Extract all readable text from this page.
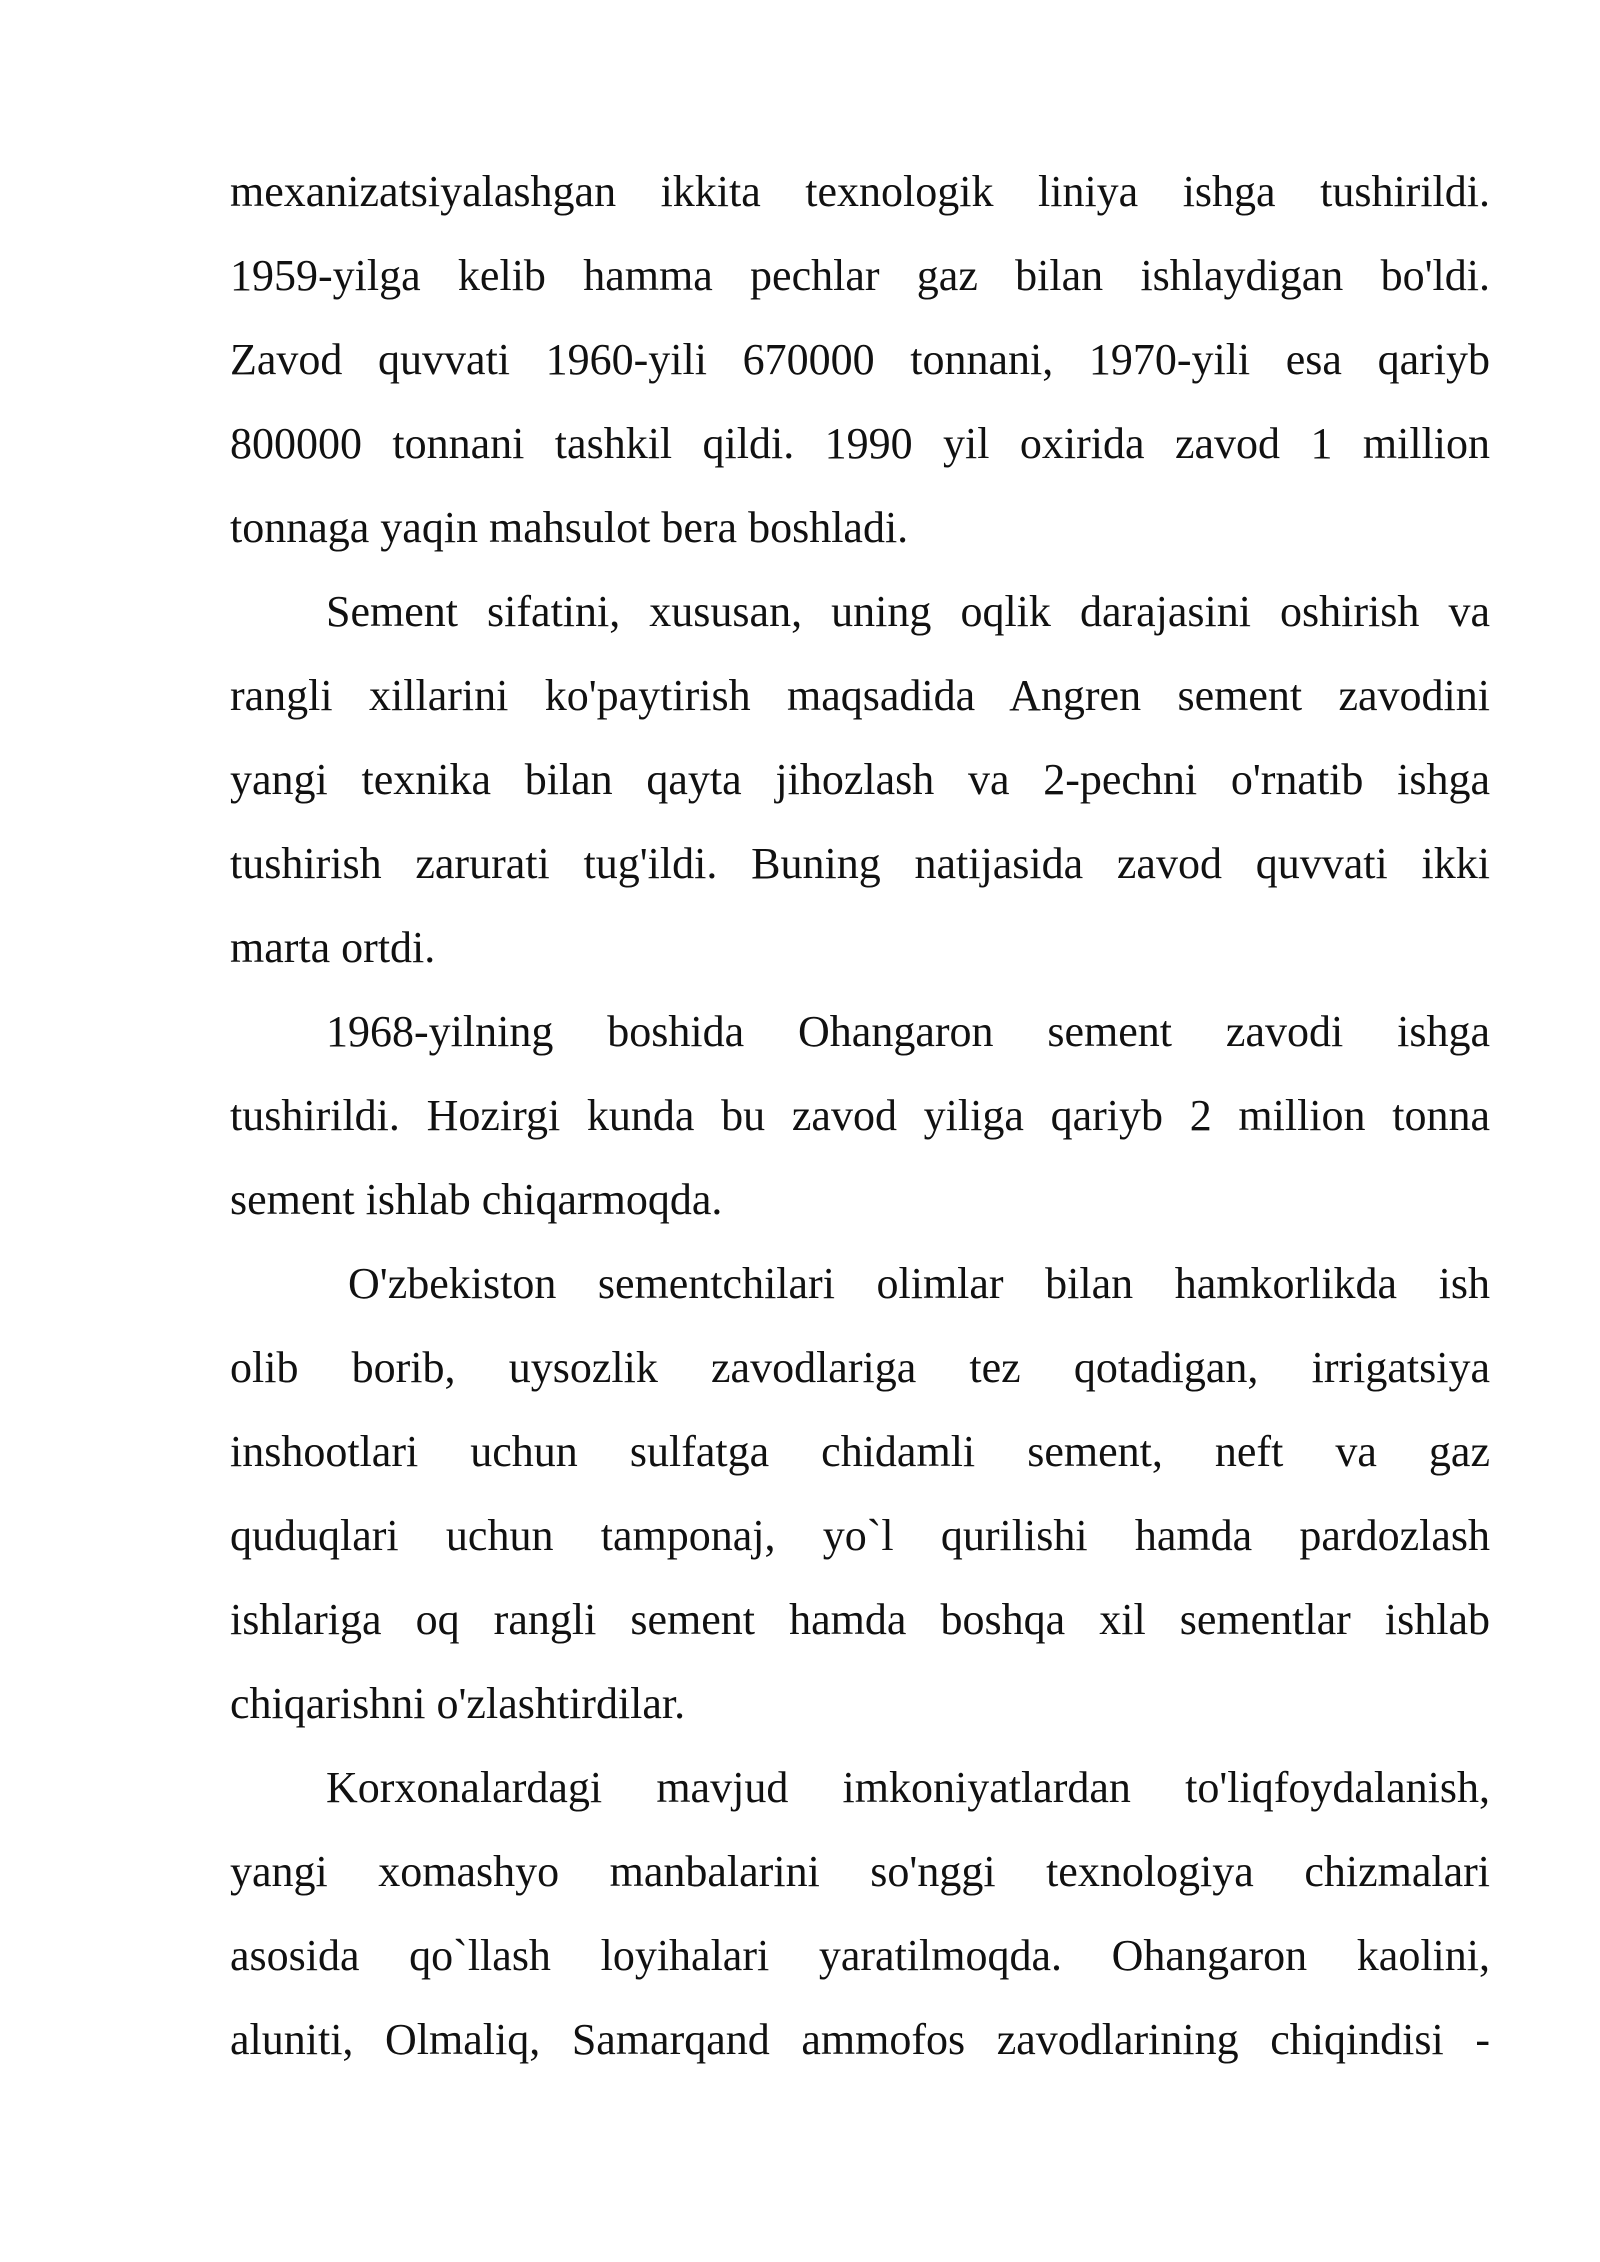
mexanizatsiyalashgan ikkita texnologik liniya ishga tushirildi.
1959-yilga kelib hamma pechlar gaz bilan ishlaydigan bo'ldi.
Zavod quvvati 1960-yili 670000 tonnani, 1970-yili esa qariyb
800000 tonnani tashkil qildi. 1990 yil oxirida zavod 1 million
tonnaga yaqin mahsulot bera boshladi.
Sement sifatini, xususan, uning oqlik darajasini oshirish va
rangli xillarini ko'paytirish maqsadida Angren sement zavodini
yangi texnika bilan qayta jihozlash va 2-pechni o'rnatib ishga
tushirish zarurati tug'ildi. Buning natijasida zavod quvvati ikki
marta ortdi.
1968-yilning boshida Ohangaron sement zavodi ishga
tushirildi. Hozirgi kunda bu zavod yiliga qariyb 2 million tonna
sement ishlab chiqarmoqda.
O'zbekiston sementchilari olimlar bilan hamkorlikda ish
olib borib, uysozlik zavodlariga tez qotadigan, irrigatsiya
inshootlari uchun sulfatga chidamli sement, neft va gaz
quduqlari uchun tamponaj, yo`l qurilishi hamda pardozlash
ishlariga oq rangli sement hamda boshqa xil sementlar ishlab
chiqarishni o'zlashtirdilar.
Korxonalardagi mavjud imkoniyatlardan to'liqfoydalanish,
yangi xomashyo manbalarini so'nggi texnologiya chizmalari
asosida qo`llash loyihalari yaratilmoqda. Ohangaron kaolini,
aluniti, Olmaliq, Samarqand ammofos zavodlarining chiqindisi -
